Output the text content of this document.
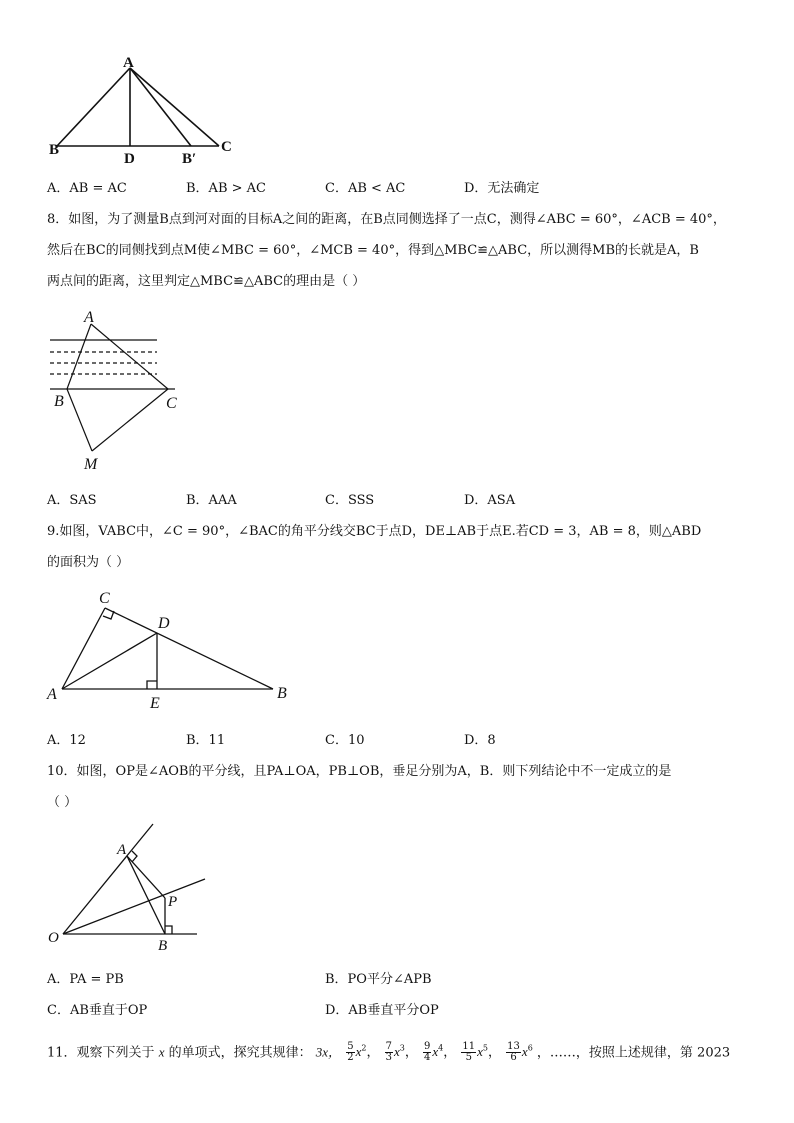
A
B
D	B′
C
A．AB = AC	B．AB > AC	C．AB < AC	D．无法确定
8．如图，为了测量B点到河对面的目标A之间的距离，在B点同侧选择了一点C，测得∠ABC = 60°，∠ACB = 40°，
然后在BC的同侧找到点M使∠MBC = 60°，∠MCB = 40°，得到△MBC≌△ABC，所以测得MB的长就是A，B
两点间的距离，这里判定△MBC≌△ABC的理由是（ ）
A
B	C
M
A．SAS	B．AAA	C．SSS	D．ASA
9.如图，VABC中，∠C = 90°，∠BAC的角平分线交BC于点D，DE⊥AB于点E.若CD = 3，AB = 8，则△ABD
的面积为（ ）
C
D
A
E
B
A．12	B．11	C．10	D．8
10．如图，OP是∠AOB的平分线，且PA⊥OA，PB⊥OB，垂足分别为A，B．则下列结论中不一定成立的是
（ ）
A
P
O	B
A．PA = PB	B．PO平分∠APB
C．AB垂直于OP	D．AB垂直平分OP
11．观察下列关于 x 的单项式，探究其规律： 3x， $\frac{5}{2} x^2$， $\frac{7}{3} x^3$， $\frac{9}{4} x^4$， $\frac{11}{5} x^5$， $\frac{13}{6} x^6$ ，……，按照上述规律，第 2023
